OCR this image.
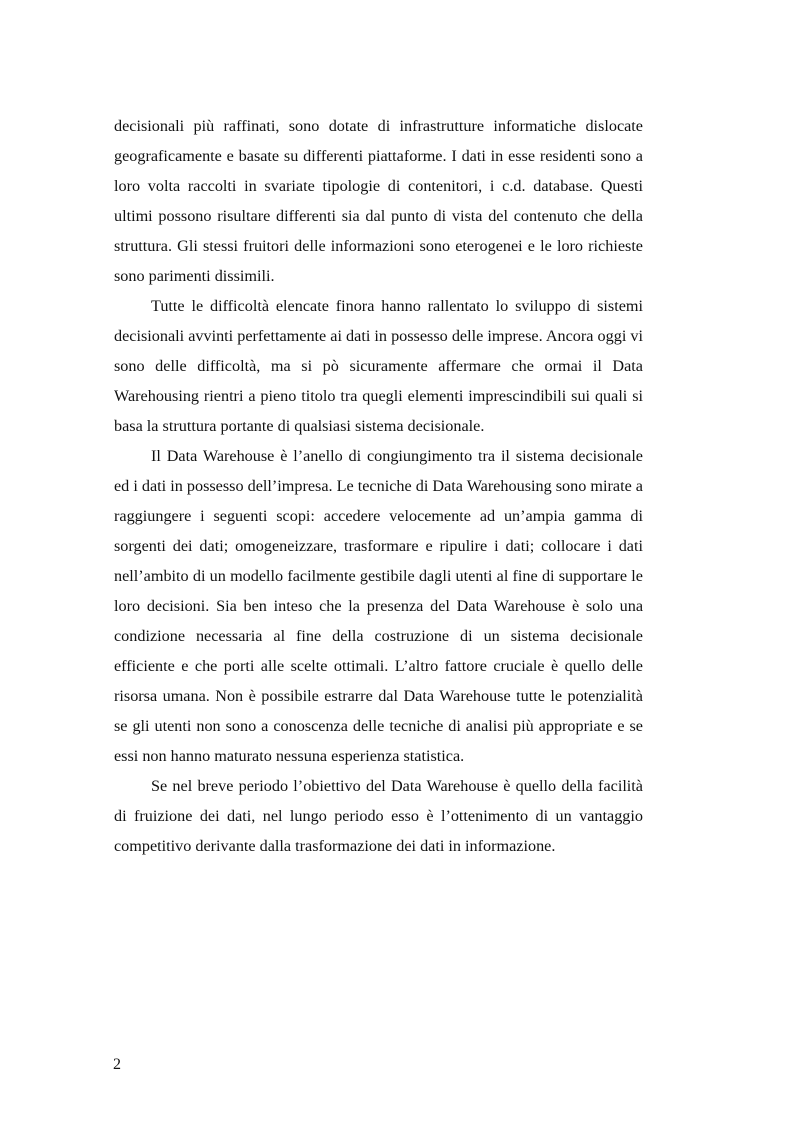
decisionali più raffinati, sono dotate di infrastrutture informatiche dislocate geograficamente e basate su differenti piattaforme. I dati in esse residenti sono a loro volta raccolti in svariate tipologie di contenitori, i c.d. database. Questi ultimi possono risultare differenti sia dal punto di vista del contenuto che della struttura. Gli stessi fruitori delle informazioni sono eterogenei e le loro richieste sono parimenti dissimili.

Tutte le difficoltà elencate finora hanno rallentato lo sviluppo di sistemi decisionali avvinti perfettamente ai dati in possesso delle imprese. Ancora oggi vi sono delle difficoltà, ma si pò sicuramente affermare che ormai il Data Warehousing rientri a pieno titolo tra quegli elementi imprescindibili sui quali si basa la struttura portante di qualsiasi sistema decisionale.

Il Data Warehouse è l’anello di congiungimento tra il sistema decisionale ed i dati in possesso dell’impresa. Le tecniche di Data Warehousing sono mirate a raggiungere i seguenti scopi: accedere velocemente ad un’ampia gamma di sorgenti dei dati; omogeneizzare, trasformare e ripulire i dati; collocare i dati nell’ambito di un modello facilmente gestibile dagli utenti al fine di supportare le loro decisioni. Sia ben inteso che la presenza del Data Warehouse è solo una condizione necessaria al fine della costruzione di un sistema decisionale efficiente e che porti alle scelte ottimali. L’altro fattore cruciale è quello delle risorsa umana. Non è possibile estrarre dal Data Warehouse tutte le potenzialità se gli utenti non sono a conoscenza delle tecniche di analisi più appropriate e se essi non hanno maturato nessuna esperienza statistica.

Se nel breve periodo l’obiettivo del Data Warehouse è quello della facilità di fruizione dei dati, nel lungo periodo esso è l’ottenimento di un vantaggio competitivo derivante dalla trasformazione dei dati in informazione.

2
